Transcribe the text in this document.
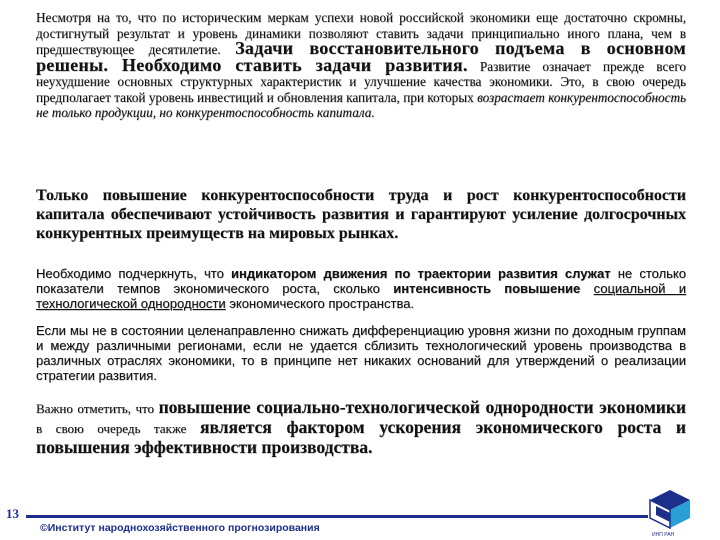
Несмотря на то, что по историческим меркам успехи новой российской экономики еще достаточно скромны, достигнутый результат и уровень динамики позволяют ставить задачи принципиально иного плана, чем в предшествующее десятилетие. Задачи восстановительного подъема в основном решены. Необходимо ставить задачи развития. Развитие означает прежде всего неухудшение основных структурных характеристик и улучшение качества экономики. Это, в свою очередь предполагает такой уровень инвестиций и обновления капитала, при которых возрастает конкурентоспособность не только продукции, но конкурентоспособность капитала.

Только повышение конкурентоспособности труда и рост конкурентоспособности капитала обеспечивают устойчивость развития и гарантируют усиление долгосрочных конкурентных преимуществ на мировых рынках.

Необходимо подчеркнуть, что индикатором движения по траектории развития служат не столько показатели темпов экономического роста, сколько интенсивность повышение социальной и технологической однородности экономического пространства.

Если мы не в состоянии целенаправленно снижать дифференциацию уровня жизни по доходным группам и между различными регионами, если не удается сблизить технологический уровень производства в различных отраслях экономики, то в принципе нет никаких оснований для утверждений о реализации стратегии развития.

Важно отметить, что повышение социально-технологической однородности экономики в свою очередь также является фактором ускорения экономического роста и повышения эффективности производства.

13
©Институт народнохозяйственного прогнозирования
ИНП РАН
